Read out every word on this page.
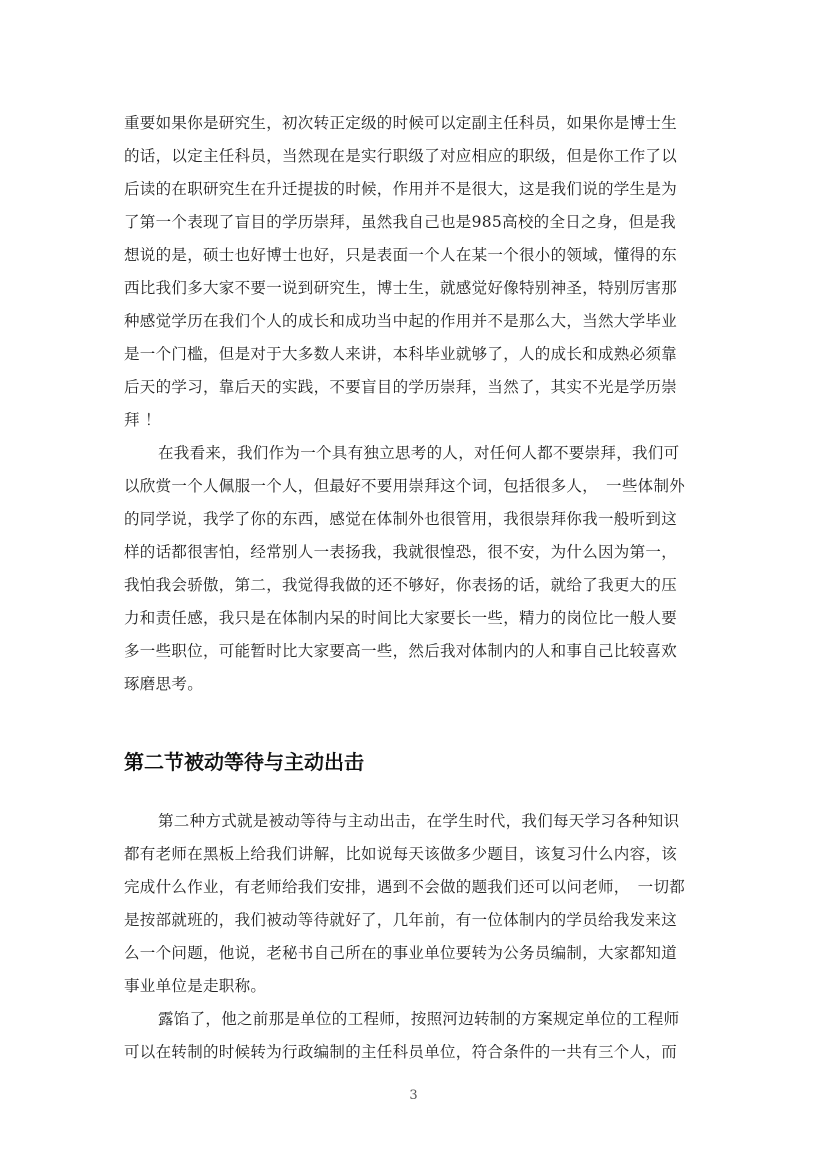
重要如果你是研究生，初次转正定级的时候可以定副主任科员，如果你是博士生
的话，以定主任科员，当然现在是实行职级了对应相应的职级，但是你工作了以
后读的在职研究生在升迁提拔的时候，作用并不是很大，这是我们说的学生是为
了第一个表现了盲目的学历崇拜，虽然我自己也是985高校的全日之身，但是我
想说的是，硕士也好博士也好，只是表面一个人在某一个很小的领域，懂得的东
西比我们多大家不要一说到研究生，博士生，就感觉好像特别神圣，特别厉害那
种感觉学历在我们个人的成长和成功当中起的作用并不是那么大，当然大学毕业
是一个门槛，但是对于大多数人来讲，本科毕业就够了，人的成长和成熟必须靠
后天的学习，靠后天的实践，不要盲目的学历崇拜，当然了，其实不光是学历崇
拜 ！
在我看来，我们作为一个具有独立思考的人，对任何人都不要崇拜，我们可
以欣赏一个人佩服一个人，但最好不要用崇拜这个词，包括很多人，　一些体制外
的同学说，我学了你的东西，感觉在体制外也很管用，我很崇拜你我一般听到这
样的话都很害怕，经常别人一表扬我，我就很惶恐，很不安，为什么因为第一，
我怕我会骄傲，第二，我觉得我做的还不够好，你表扬的话，就给了我更大的压
力和责任感，我只是在体制内呆的时间比大家要长一些，精力的岗位比一般人要
多一些职位，可能暂时比大家要高一些，然后我对体制内的人和事自己比较喜欢
琢磨思考。
第二节被动等待与主动出击
第二种方式就是被动等待与主动出击，在学生时代，我们每天学习各种知识
都有老师在黑板上给我们讲解，比如说每天该做多少题目，该复习什么内容，该
完成什么作业，有老师给我们安排，遇到不会做的题我们还可以问老师，　一切都
是按部就班的，我们被动等待就好了，几年前，有一位体制内的学员给我发来这
么一个问题，他说，老秘书自己所在的事业单位要转为公务员编制，大家都知道
事业单位是走职称。
露馅了，他之前那是单位的工程师，按照河边转制的方案规定单位的工程师
可以在转制的时候转为行政编制的主任科员单位，符合条件的一共有三个人，而
3
